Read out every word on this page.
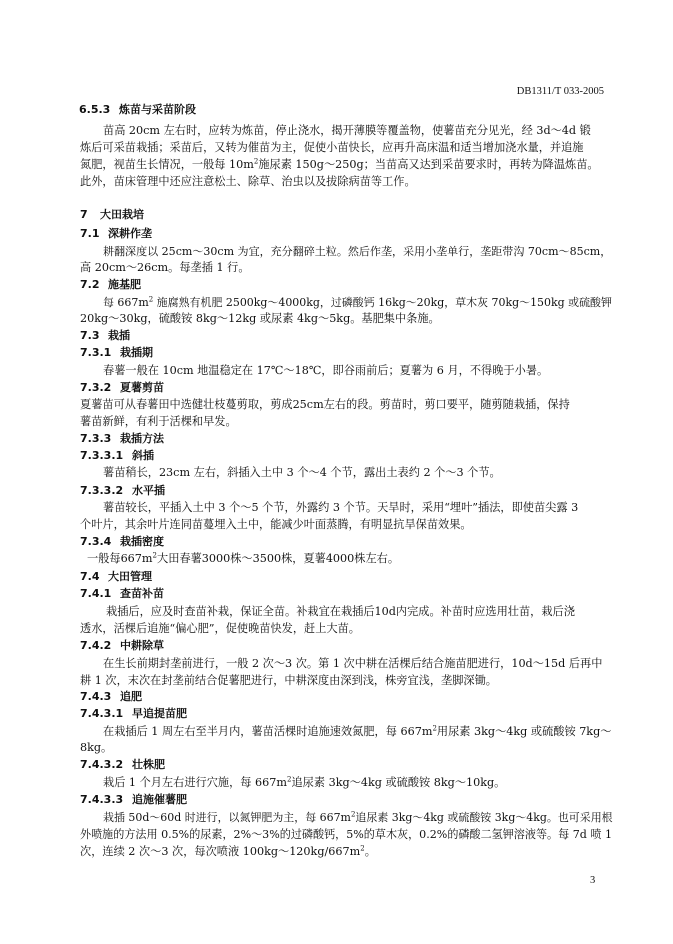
DB1311/T 033-2005
6.5.3 炼苗与采苗阶段
苗高 20cm 左右时，应转为炼苗，停止浇水，揭开薄膜等覆盖物，使薯苗充分见光，经 3d～4d 锻
炼后可采苗栽插；采苗后，又转为催苗为主，促使小苗快长，应再升高床温和适当增加浇水量，并追施
氮肥，视苗生长情况，一般每 $10m^2$施尿素 150g～250g；当苗高又达到采苗要求时，再转为降温炼苗。
此外，苗床管理中还应注意松土、除草、治虫以及拔除病苗等工作。
7 大田栽培
7.1 深耕作垄
耕翻深度以 25cm～30cm 为宜，充分翻碎土粒。然后作垄，采用小垄单行，垄距带沟 70cm～85cm，
高 20cm～26cm。每垄插 1 行。
7.2 施基肥
每 $667m^2$ 施腐熟有机肥 2500kg～4000kg，过磷酸钙 16kg～20kg，草木灰 70kg～150kg 或硫酸钾
20kg～30kg，硫酸铵 8kg～12kg 或尿素 4kg～5kg。基肥集中条施。
7.3 栽插
7.3.1 栽插期
春薯一般在 10cm 地温稳定在 17℃～18℃，即谷雨前后；夏薯为 6 月，不得晚于小暑。
7.3.2 夏薯剪苗
夏薯苗可从春薯田中选健壮枝蔓剪取，剪成25cm左右的段。剪苗时，剪口要平，随剪随栽插，保持
薯苗新鲜，有利于活棵和早发。
7.3.3 栽插方法
7.3.3.1 斜插
薯苗稍长，23cm 左右，斜插入土中 3 个～4 个节，露出土表约 2 个～3 个节。
7.3.3.2 水平插
薯苗较长，平插入土中 3 个～5 个节，外露约 3 个节。天旱时，采用“埋叶”插法，即使苗尖露 3
个叶片，其余叶片连同苗蔓埋入土中，能减少叶面蒸腾，有明显抗旱保苗效果。
7.3.4 栽插密度
一般每$667m^2$大田春薯3000株～3500株，夏薯4000株左右。
7.4 大田管理
7.4.1 查苗补苗
栽插后，应及时查苗补栽，保证全苗。补栽宜在栽插后10d内完成。补苗时应选用壮苗，栽后浇
透水，活棵后追施“偏心肥”，促使晚苗快发，赶上大苗。
7.4.2 中耕除草
在生长前期封垄前进行，一般 2 次～3 次。第 1 次中耕在活棵后结合施苗肥进行，10d～15d 后再中
耕 1 次，末次在封垄前结合促薯肥进行，中耕深度由深到浅，株旁宜浅，垄脚深锄。
7.4.3 追肥
7.4.3.1 早追提苗肥
在栽插后 1 周左右至半月内，薯苗活棵时追施速效氮肥，每 $667m^2$用尿素 3kg～4kg 或硫酸铵 7kg～
8kg。
7.4.3.2 壮株肥
栽后 1 个月左右进行穴施，每 $667m^2$追尿素 3kg～4kg 或硫酸铵 8kg～10kg。
7.4.3.3 追施催薯肥
栽插 50d～60d 时进行，以氮钾肥为主，每 $667m^2$追尿素 3kg～4kg 或硫酸铵 3kg～4kg。也可采用根
外喷施的方法用 0.5%的尿素，2%～3%的过磷酸钙，5%的草木灰，0.2%的磷酸二氢钾溶液等。每 7d 喷 1
次，连续 2 次～3 次，每次喷液 $100kg\sim 120kg/667m^2$。
3
